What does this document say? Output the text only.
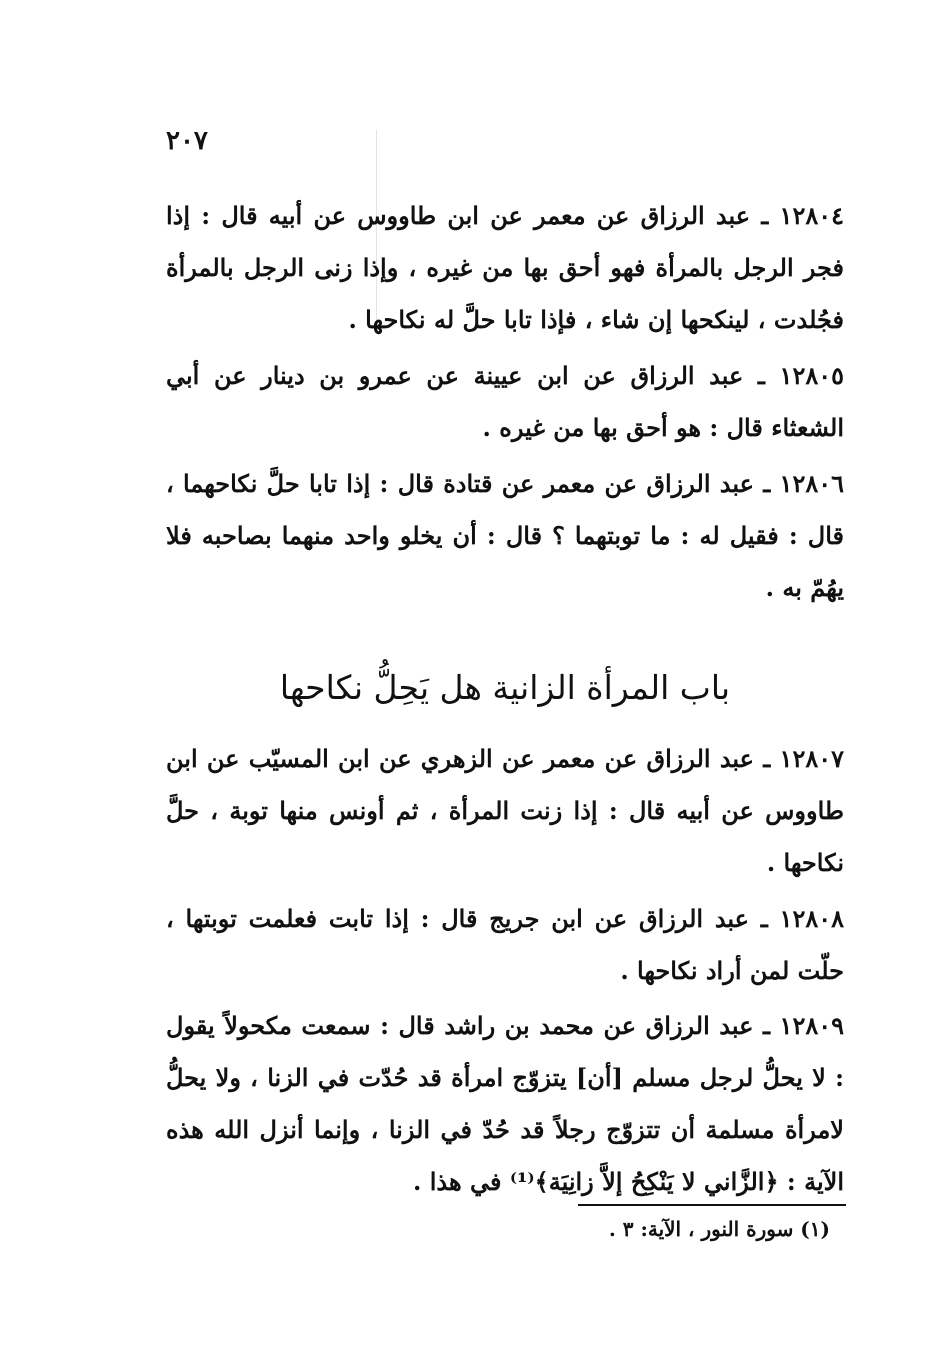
٢٠٧

١٢٨٠٤ ـ عبد الرزاق عن معمر عن ابن طاووس عن أبيه قال : إذا فجر الرجل بالمرأة فهو أحق بها من غيره ، وإذا زنى الرجل بالمرأة فجُلدت ، لينكحها إن شاء ، فإذا تابا حلَّ له نكاحها .

١٢٨٠٥ ـ عبد الرزاق عن ابن عيينة عن عمرو بن دينار عن أبي الشعثاء قال : هو أحق بها من غيره .

١٢٨٠٦ ـ عبد الرزاق عن معمر عن قتادة قال : إذا تابا حلَّ نكاحهما ، قال : فقيل له : ما توبتهما ؟ قال : أن يخلو واحد منهما بصاحبه فلا يهُمّ به .

باب المرأة الزانية هل يَحِلُّ نكاحها

١٢٨٠٧ ـ عبد الرزاق عن معمر عن الزهري عن ابن المسيّب عن ابن طاووس عن أبيه قال : إذا زنت المرأة ، ثم أونس منها توبة ، حلَّ نكاحها .

١٢٨٠٨ ـ عبد الرزاق عن ابن جريج قال : إذا تابت فعلمت توبتها ، حلّت لمن أراد نكاحها .

١٢٨٠٩ ـ عبد الرزاق عن محمد بن راشد قال : سمعت مكحولاً يقول : لا يحلُّ لرجل مسلم [أن] يتزوّج امرأة قد حُدّت في الزنا ، ولا يحلُّ لامرأة مسلمة أن تتزوّج رجلاً قد حُدّ في الزنا ، وإنما أنزل الله هذه الآية : ﴿الزَّاني لا يَنْكِحُ إلاَّ زانِيَة﴾⁽¹⁾ في هذا .

(١) سورة النور ، الآية: ٣ .
